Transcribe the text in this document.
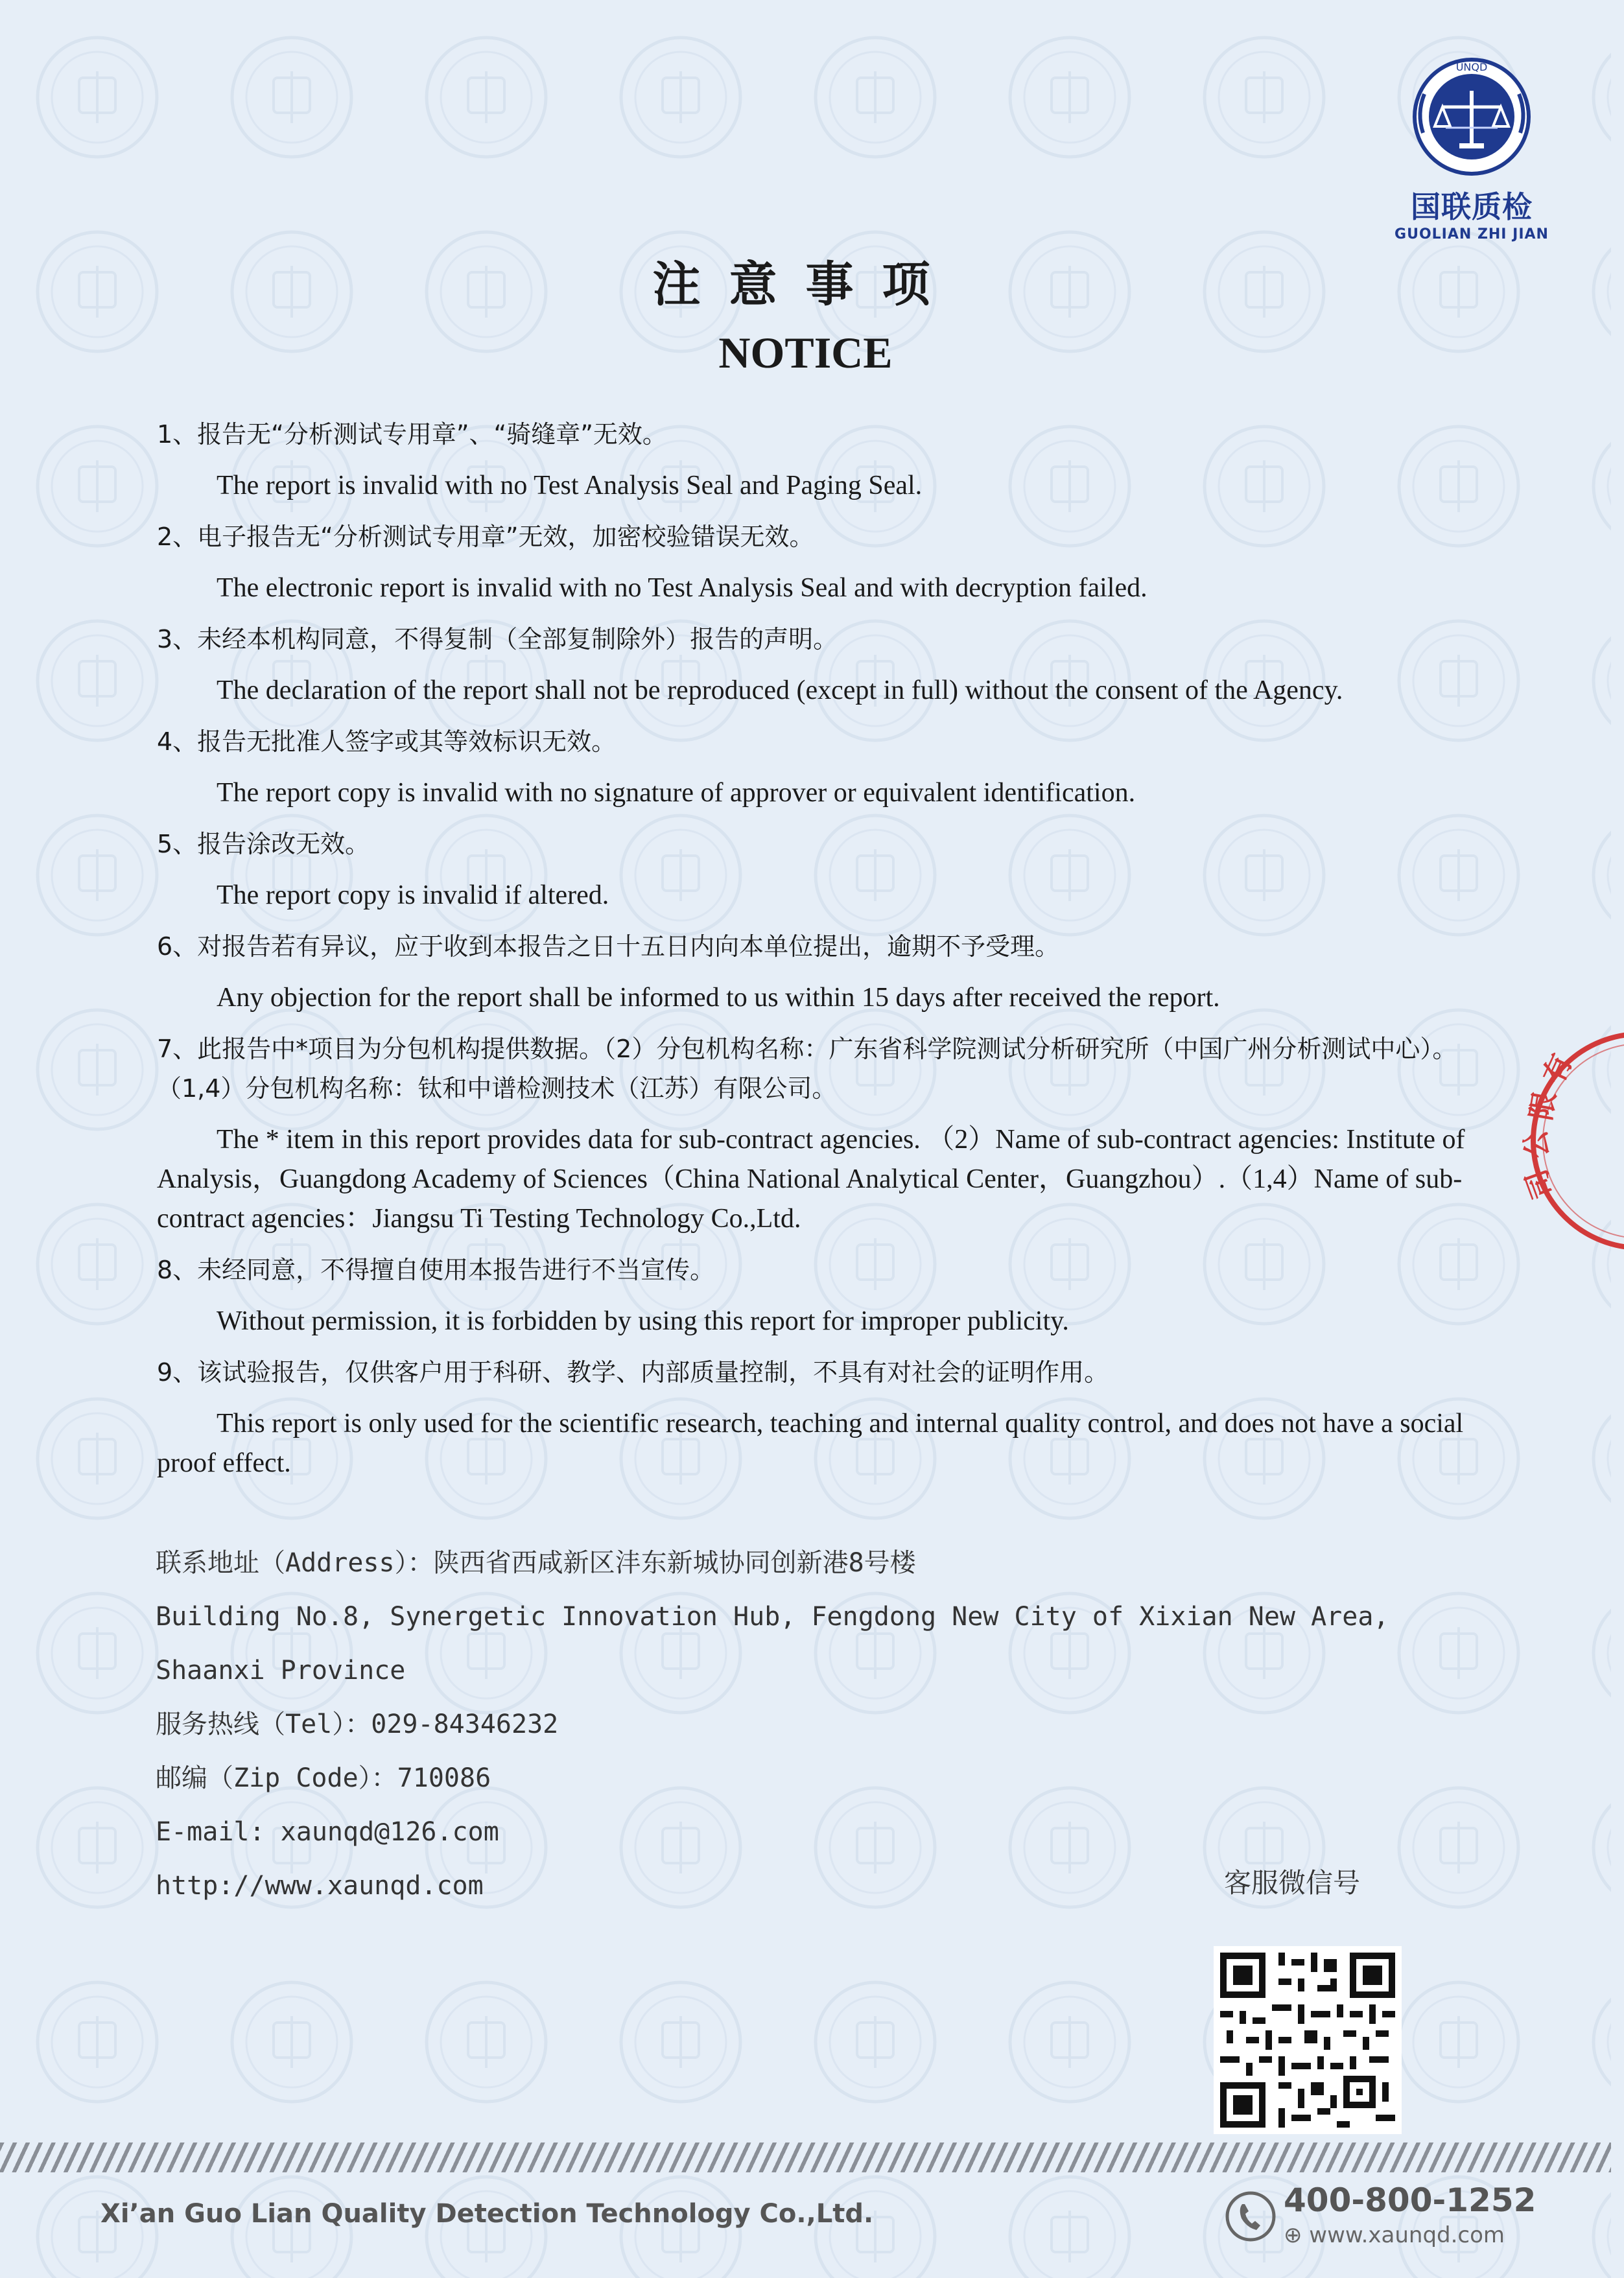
UNQD
国联质检
GUOLIAN ZHI JIAN
注意事项
NOTICE

1、报告无“分析测试专用章”、“骑缝章”无效。

The report is invalid with no Test Analysis Seal and Paging Seal.

2、电子报告无“分析测试专用章”无效，加密校验错误无效。

The electronic report is invalid with no Test Analysis Seal and with decryption failed.

3、未经本机构同意，不得复制（全部复制除外）报告的声明。

The declaration of the report shall not be reproduced (except in full) without the consent of the Agency.

4、报告无批准人签字或其等效标识无效。

The report copy is invalid with no signature of approver or equivalent identification.

5、报告涂改无效。

The report copy is invalid if altered.

6、对报告若有异议，应于收到本报告之日十五日内向本单位提出，逾期不予受理。

Any objection for the report shall be informed to us within 15 days after received the report.

7、此报告中*项目为分包机构提供数据。（2）分包机构名称：广东省科学院测试分析研究所（中国广州分析测试中心）。（1,4）分包机构名称：钛和中谱检测技术（江苏）有限公司。

The * item in this report provides data for sub-contract agencies. （2）Name of sub-contract agencies: Institute of Analysis，Guangdong Academy of Sciences（China National Analytical Center，Guangzhou）.（1,4）Name of sub-contract agencies：Jiangsu Ti Testing Technology Co.,Ltd.

8、未经同意，不得擅自使用本报告进行不当宣传。

Without permission, it is forbidden by using this report for improper publicity.

9、该试验报告，仅供客户用于科研、教学、内部质量控制，不具有对社会的证明作用。

This report is only used for the scientific research, teaching and internal quality control, and does not have a social proof effect.

联系地址（Address）：陕西省西咸新区沣东新城协同创新港8号楼
Building No.8, Synergetic Innovation Hub, Fengdong New City of Xixian New Area, Shaanxi Province
服务热线（Tel）：029-84346232
邮编（Zip Code）：710086
E-mail: xaunqd@126.com
http://www.xaunqd.com	客服微信号
Xi’an Guo Lian Quality Detection Technology Co.,Ltd.	400-800-1252
⊕ www.xaunqd.com
有
限
公
司
